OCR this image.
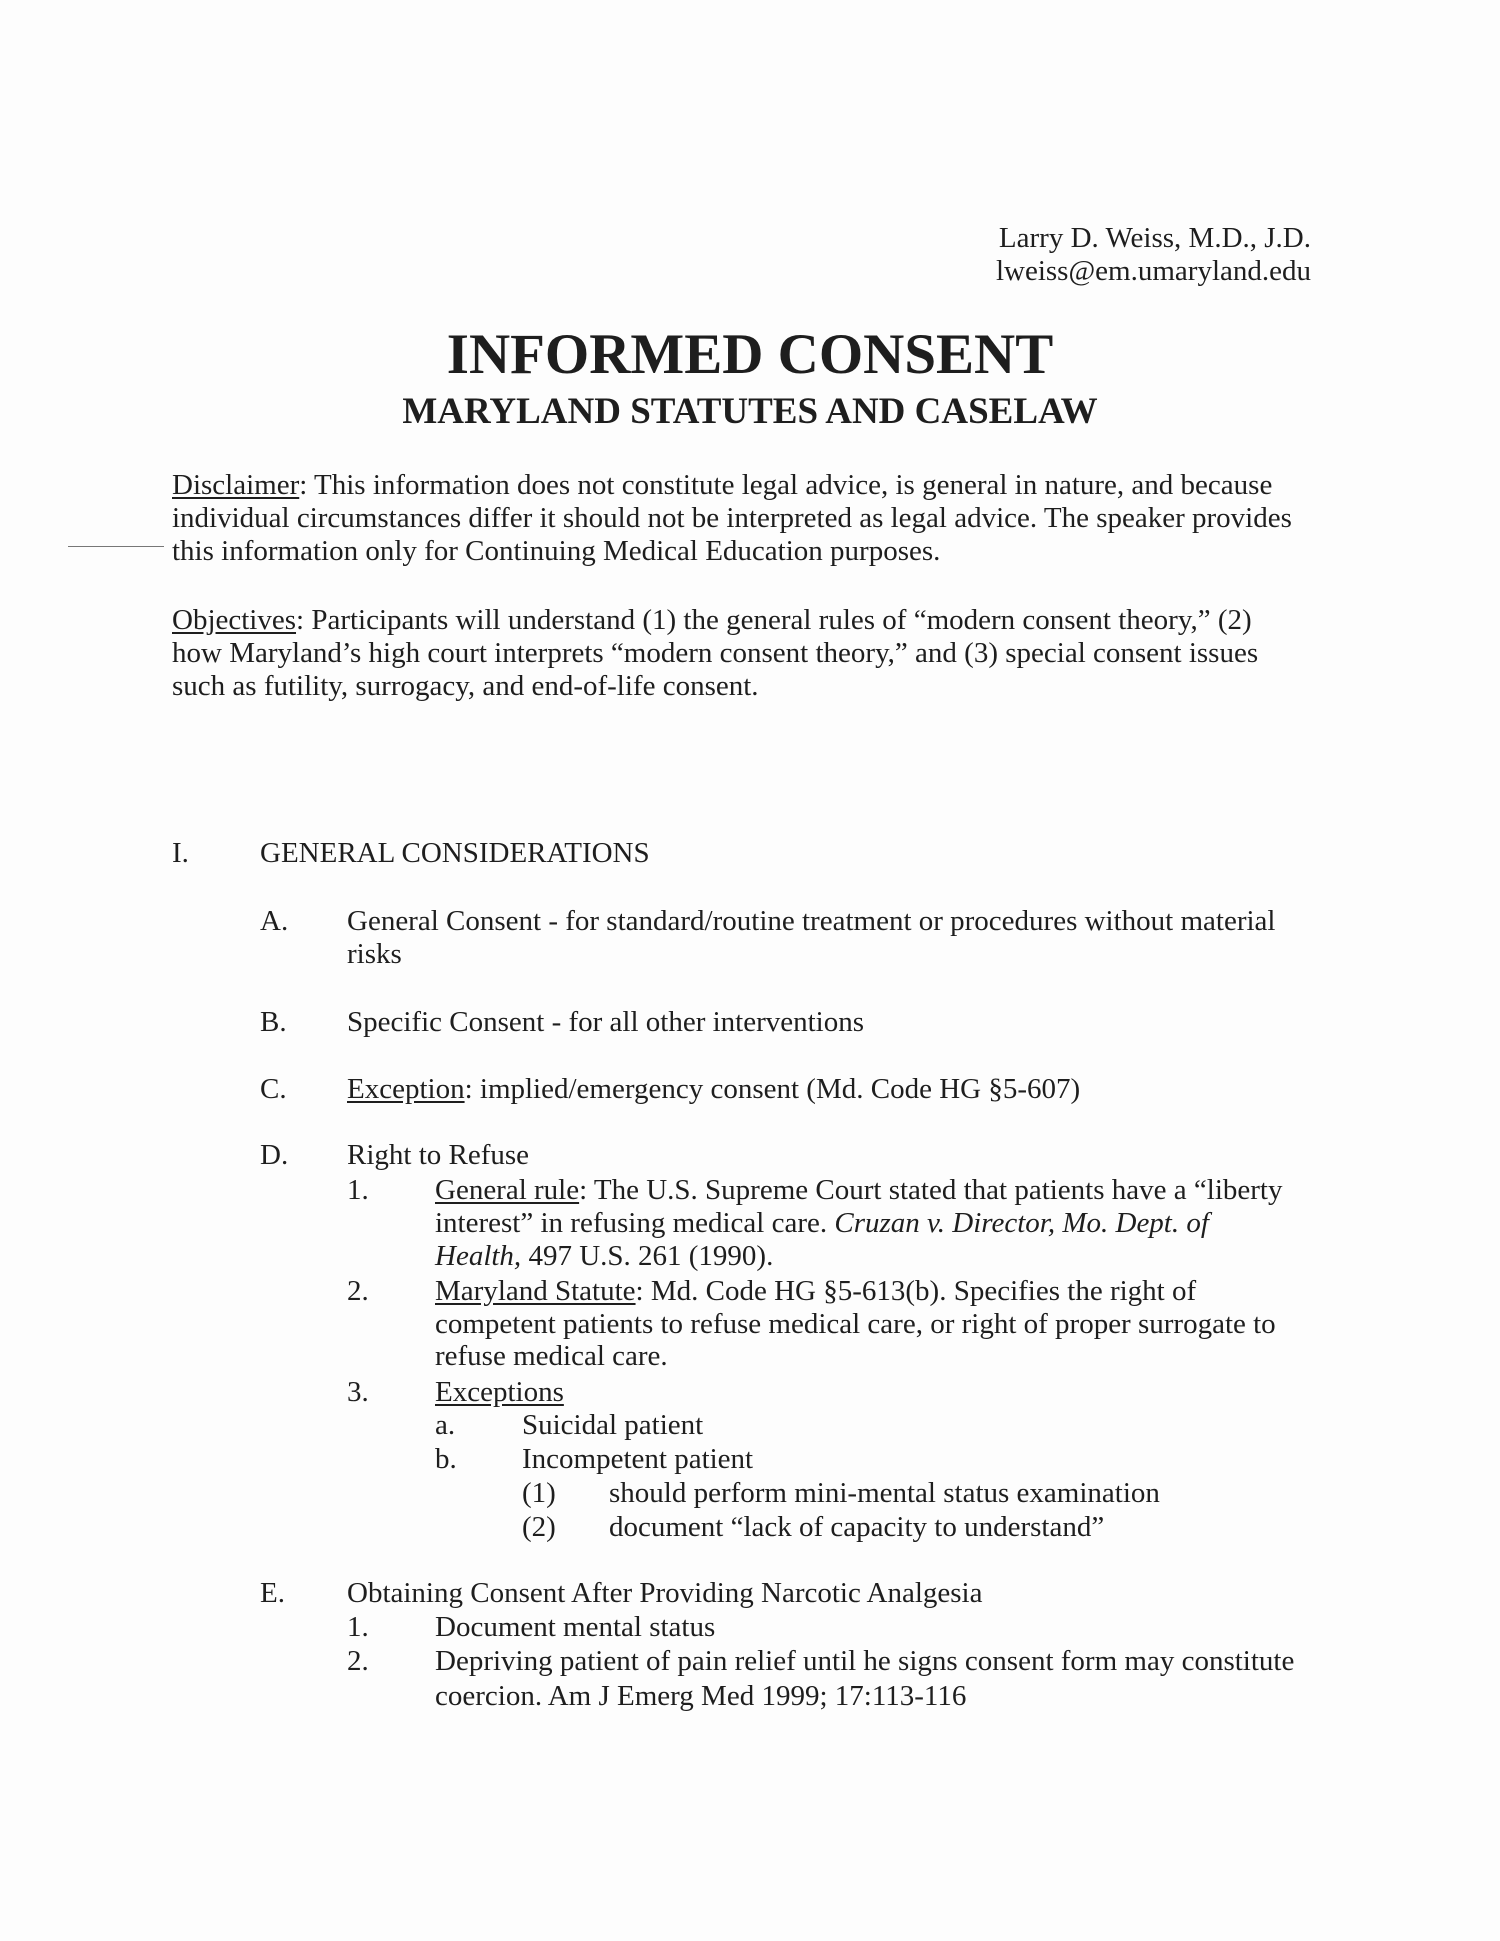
Larry D. Weiss, M.D., J.D.
lweiss@em.umaryland.edu
INFORMED CONSENT
MARYLAND STATUTES AND CASELAW
Disclaimer: This information does not constitute legal advice, is general in nature, and because
individual circumstances differ it should not be interpreted as legal advice. The speaker provides
this information only for Continuing Medical Education purposes.
Objectives: Participants will understand (1) the general rules of “modern consent theory,” (2)
how Maryland’s high court interprets “modern consent theory,” and (3) special consent issues
such as futility, surrogacy, and end-of-life consent.
I. GENERAL CONSIDERATIONS
A. General Consent - for standard/routine treatment or procedures without material
risks
B. Specific Consent - for all other interventions
C. Exception: implied/emergency consent (Md. Code HG §5-607)
D. Right to Refuse
1. General rule: The U.S. Supreme Court stated that patients have a “liberty
interest” in refusing medical care. Cruzan v. Director, Mo. Dept. of
Health, 497 U.S. 261 (1990).
2. Maryland Statute: Md. Code HG §5-613(b). Specifies the right of
competent patients to refuse medical care, or right of proper surrogate to
refuse medical care.
3. Exceptions
a. Suicidal patient
b. Incompetent patient
(1) should perform mini-mental status examination
(2) document “lack of capacity to understand”
E. Obtaining Consent After Providing Narcotic Analgesia
1. Document mental status
2. Depriving patient of pain relief until he signs consent form may constitute
coercion. Am J Emerg Med 1999; 17:113-116
